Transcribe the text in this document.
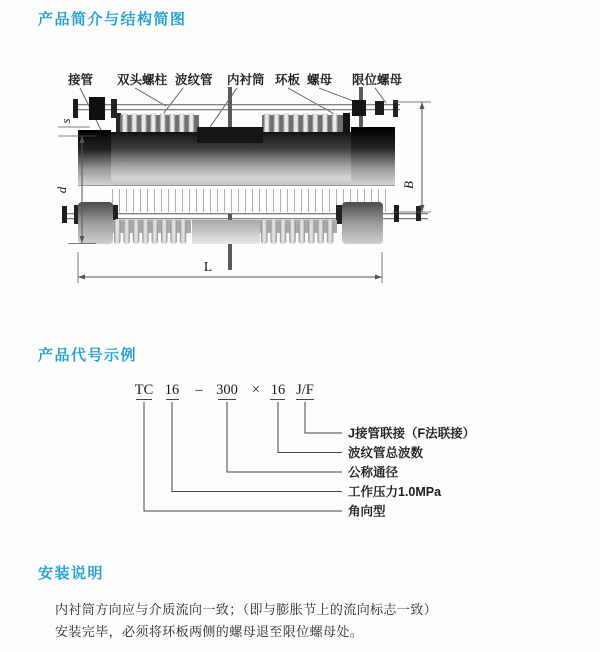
产品简介与结构简图
产品代号示例
安装说明
内衬筒方向应与介质流向一致；（即与膨胀节上的流向标志一致）
安装完毕，必须将环板两侧的螺母退至限位螺母处。
接管 双头螺柱 波纹管 内衬筒 环板 螺母 限位螺母
s
d
B
L
TC 16 – 300 × 16 J/F
J接管联接（F法联接）
波纹管总波数
公称通径
工作压力1.0MPa
角向型
